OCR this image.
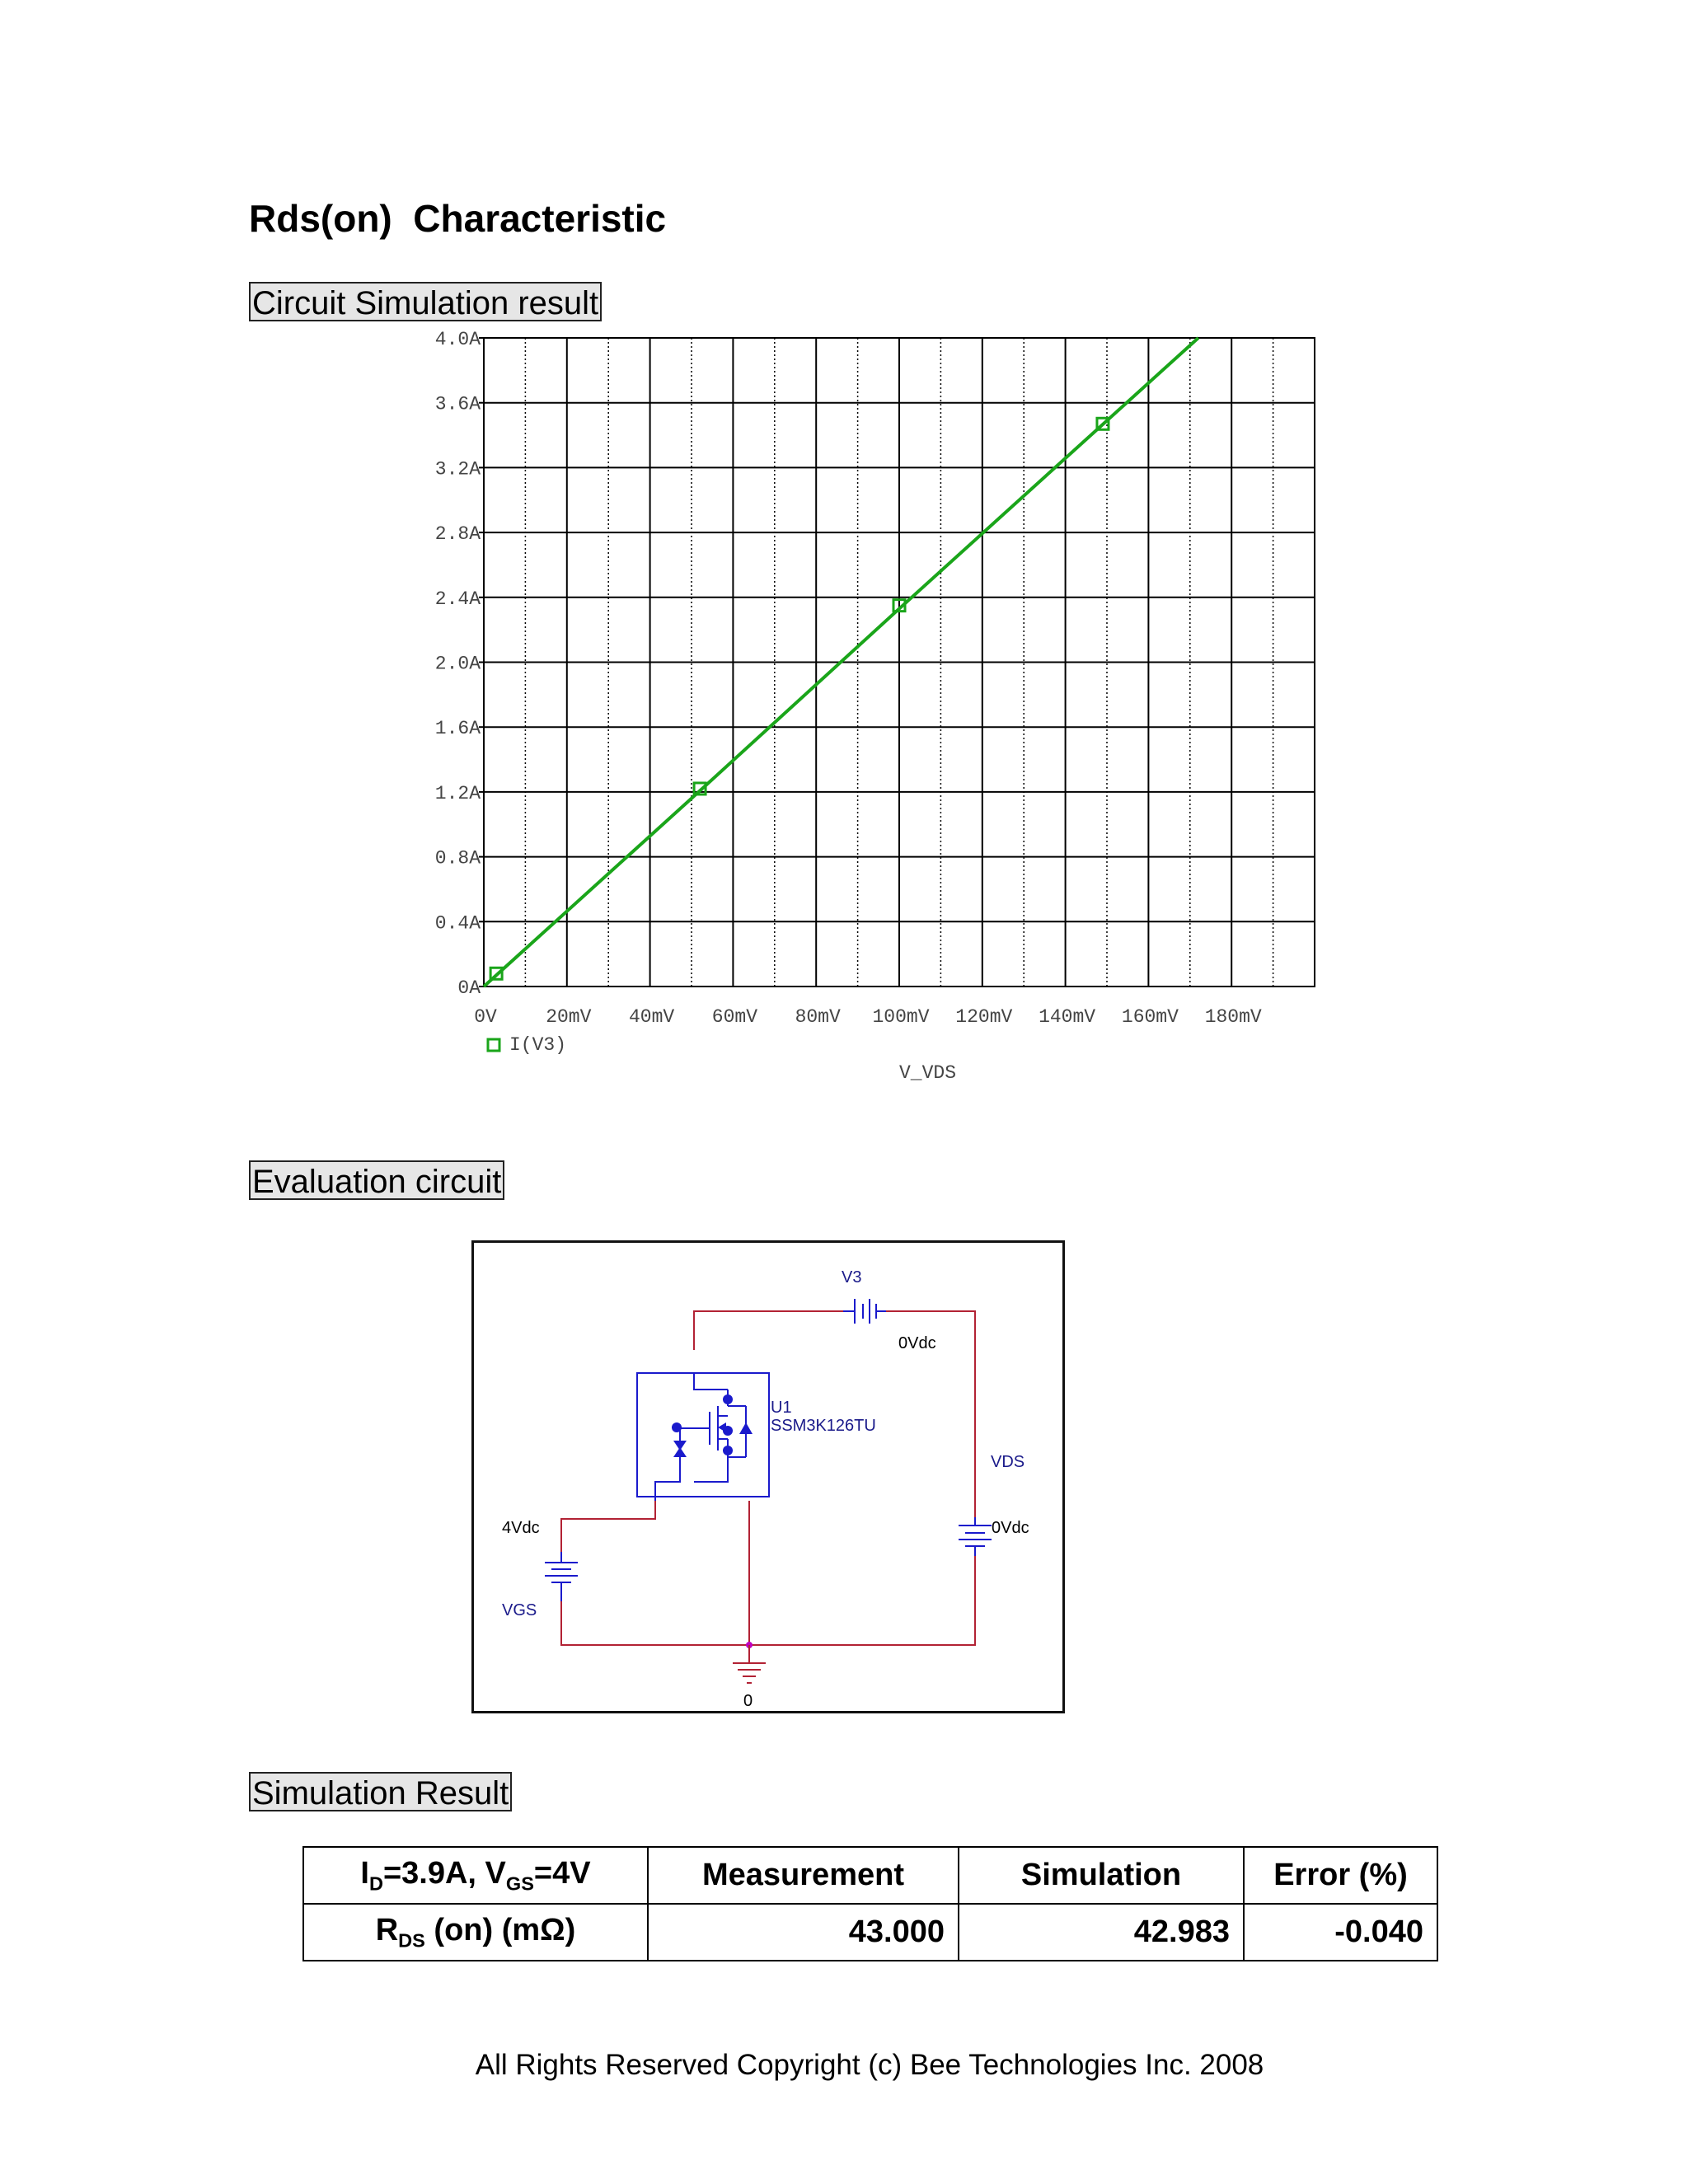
Rds(on)  Characteristic
Circuit Simulation result
0A
0.4A
0.8A
1.2A
1.6A
2.0A
2.4A
2.8A
3.2A
3.6A
4.0A
0V	20mV 40mV 60mV 80mV 100mV 120mV 140mV 160mV 180mV
I(V3)
V_VDS
Evaluation circuit
V3
0Vdc
U1
SSM3K126TU
VDS
0Vdc
4Vdc
VGS
0
Simulation Result
$I_D=3.9A$, $V_{GS}=4V$	Measurement	Simulation	Error (%)
$R_{DS}$ (on) (mΩ)	43.000	42.983	-0.040
All Rights Reserved Copyright (c) Bee Technologies Inc. 2008
